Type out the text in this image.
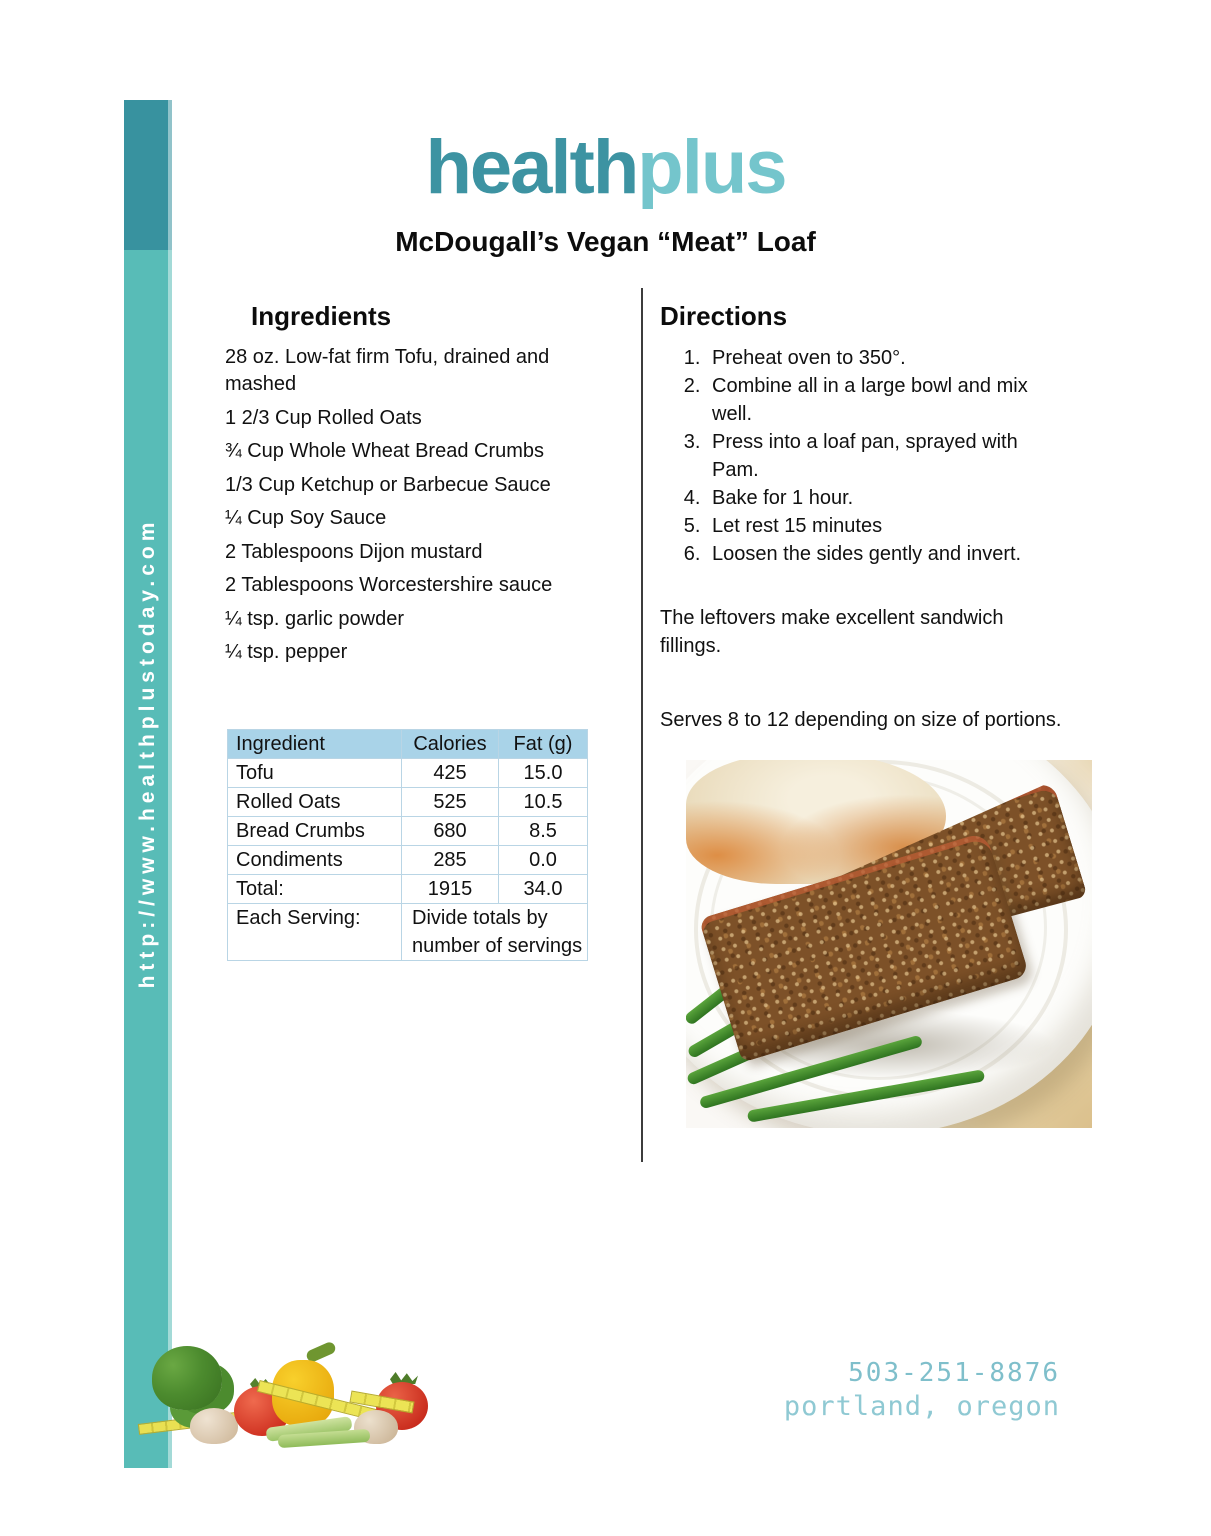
http://www.healthplustoday.com
healthplus
McDougall’s Vegan “Meat” Loaf
Ingredients
28 oz. Low-fat firm Tofu, drained and mashed
1 2/3 Cup Rolled Oats
¾ Cup Whole Wheat Bread Crumbs
1/3 Cup Ketchup or Barbecue Sauce
¼ Cup Soy Sauce
2 Tablespoons Dijon mustard
2 Tablespoons Worcestershire sauce
¼ tsp. garlic powder
¼ tsp. pepper
Ingredient	Calories	Fat (g)
Tofu	425	15.0
Rolled Oats	525	10.5
Bread Crumbs	680	8.5
Condiments	285	0.0
Total:	1915	34.0
Each Serving:	Divide totals by number of servings	
Directions
1. Preheat oven to 350°.
2. Combine all in a large bowl and mix well.
3. Press into a loaf pan, sprayed with Pam.
4. Bake for 1 hour.
5. Let rest 15 minutes
6. Loosen the sides gently and invert.

The leftovers make excellent sandwich fillings.

Serves 8 to 12 depending on size of portions.

503-251-8876
portland, oregon
